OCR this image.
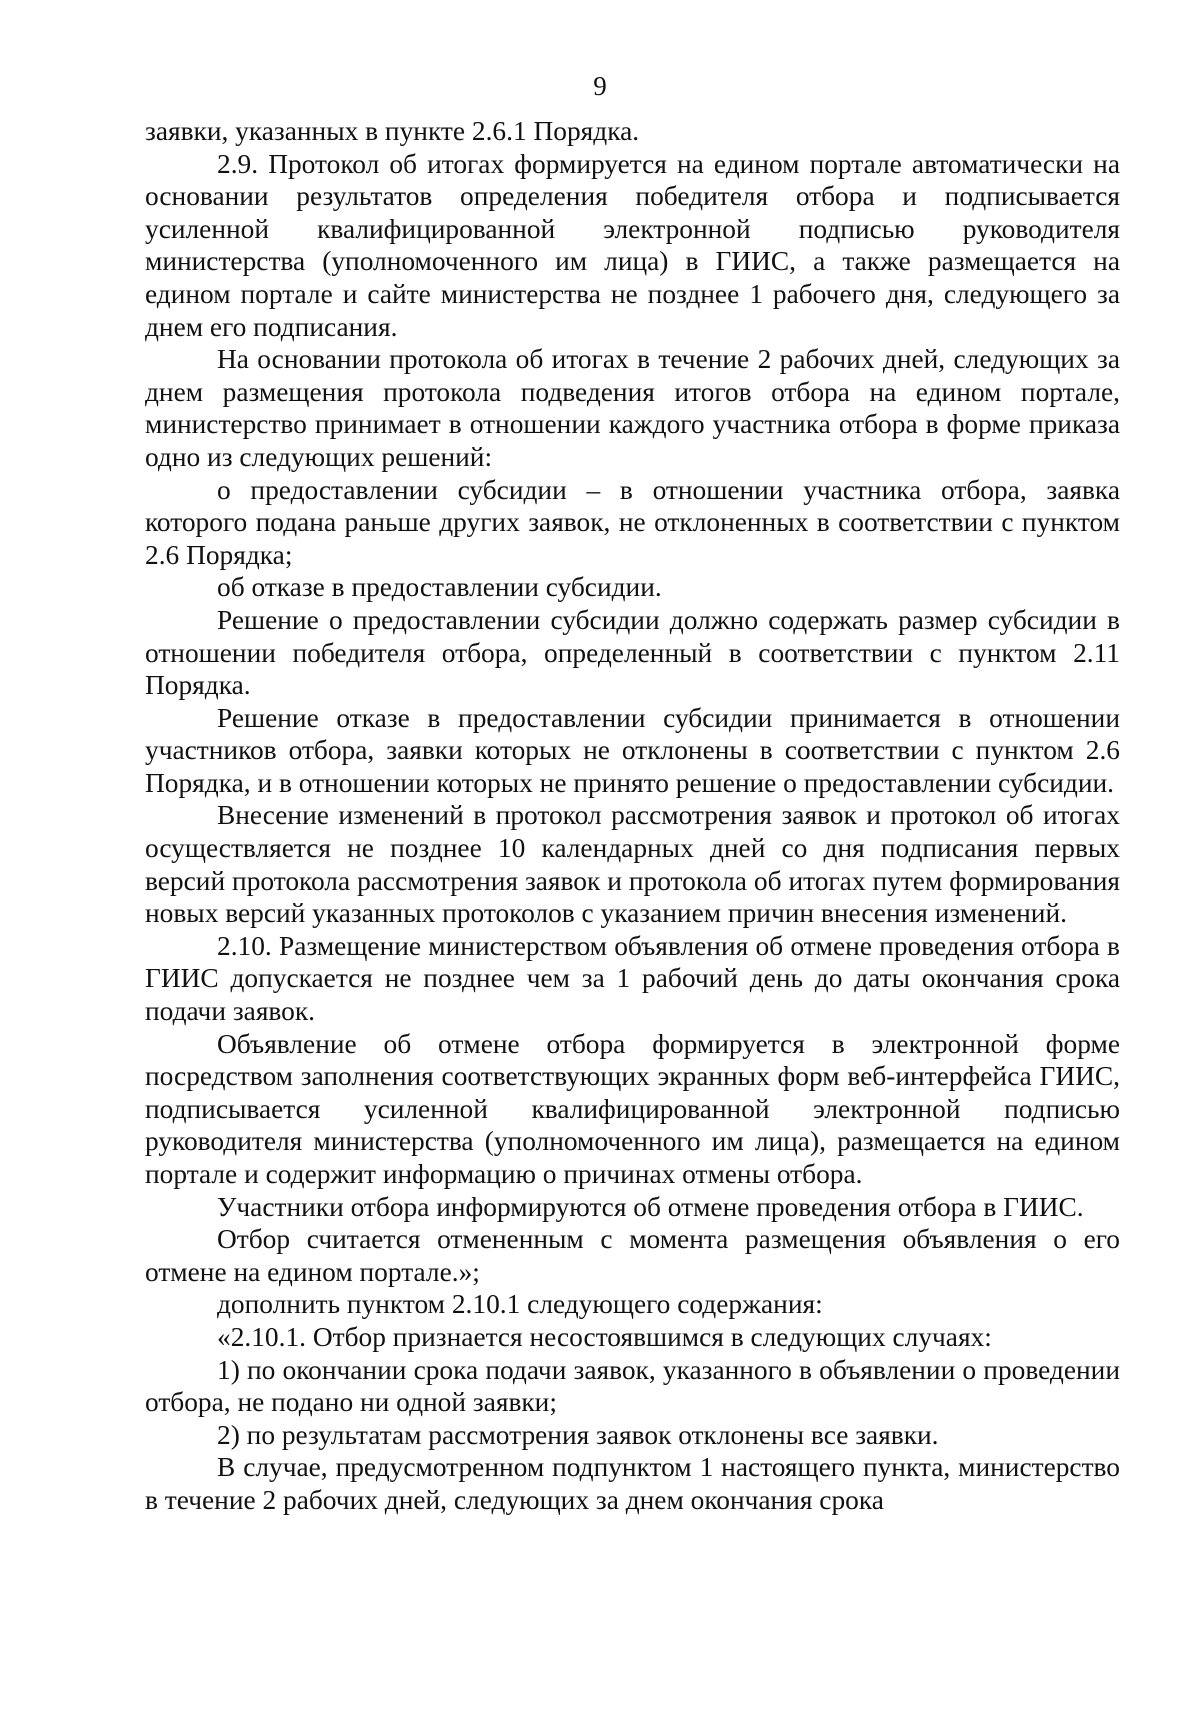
9

заявки, указанных в пункте 2.6.1 Порядка.

2.9. Протокол об итогах формируется на едином портале автоматически на основании результатов определения победителя отбора и подписывается усиленной квалифицированной электронной подписью руководителя министерства (уполномоченного им лица) в ГИИС, а также размещается на едином портале и сайте министерства не позднее 1 рабочего дня, следующего за днем его подписания.

На основании протокола об итогах в течение 2 рабочих дней, следующих за днем размещения протокола подведения итогов отбора на едином портале, министерство принимает в отношении каждого участника отбора в форме приказа одно из следующих решений:

о предоставлении субсидии – в отношении участника отбора, заявка которого подана раньше других заявок, не отклоненных в соответствии с пунктом 2.6 Порядка;

об отказе в предоставлении субсидии.

Решение о предоставлении субсидии должно содержать размер субсидии в отношении победителя отбора, определенный в соответствии с пунктом 2.11 Порядка.

Решение отказе в предоставлении субсидии принимается в отношении участников отбора, заявки которых не отклонены в соответствии с пунктом 2.6 Порядка, и в отношении которых не принято решение о предоставлении субсидии.

Внесение изменений в протокол рассмотрения заявок и протокол об итогах осуществляется не позднее 10 календарных дней со дня подписания первых версий протокола рассмотрения заявок и протокола об итогах путем формирования новых версий указанных протоколов с указанием причин внесения изменений.

2.10. Размещение министерством объявления об отмене проведения отбора в ГИИС допускается не позднее чем за 1 рабочий день до даты окончания срока подачи заявок.

Объявление об отмене отбора формируется в электронной форме посредством заполнения соответствующих экранных форм веб-интерфейса ГИИС, подписывается усиленной квалифицированной электронной подписью руководителя министерства (уполномоченного им лица), размещается на едином портале и содержит информацию о причинах отмены отбора.

Участники отбора информируются об отмене проведения отбора в ГИИС.

Отбор считается отмененным с момента размещения объявления о его отмене на едином портале.»;

дополнить пунктом 2.10.1 следующего содержания:

«2.10.1. Отбор признается несостоявшимся в следующих случаях:

1) по окончании срока подачи заявок, указанного в объявлении о проведении отбора, не подано ни одной заявки;

2) по результатам рассмотрения заявок отклонены все заявки.

В случае, предусмотренном подпунктом 1 настоящего пункта, министерство в течение 2 рабочих дней, следующих за днем окончания срока
